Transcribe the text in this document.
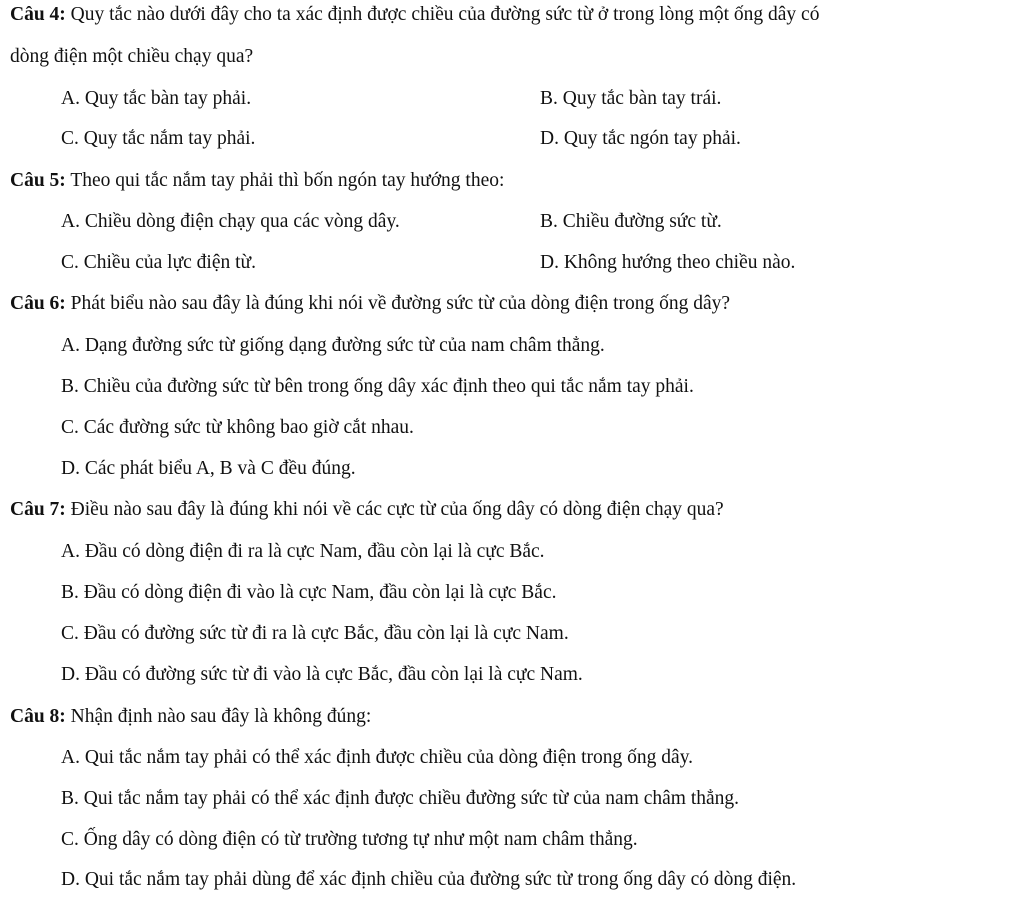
Câu 4: Quy tắc nào dưới đây cho ta xác định được chiều của đường sức từ ở trong lòng một ống dây có
dòng điện một chiều chạy qua?
A. Quy tắc bàn tay phải.	B. Quy tắc bàn tay trái.
C. Quy tắc nắm tay phải.	D. Quy tắc ngón tay phải.
Câu 5: Theo qui tắc nắm tay phải thì bốn ngón tay hướng theo:
A. Chiều dòng điện chạy qua các vòng dây.	B. Chiều đường sức từ.
C. Chiều của lực điện từ.	D. Không hướng theo chiều nào.
Câu 6: Phát biểu nào sau đây là đúng khi nói về đường sức từ của dòng điện trong ống dây?
A. Dạng đường sức từ giống dạng đường sức từ của nam châm thẳng.
B. Chiều của đường sức từ bên trong ống dây xác định theo qui tắc nắm tay phải.
C. Các đường sức từ không bao giờ cắt nhau.
D. Các phát biểu A, B và C đều đúng.
Câu 7: Điều nào sau đây là đúng khi nói về các cực từ của ống dây có dòng điện chạy qua?
A. Đầu có dòng điện đi ra là cực Nam, đầu còn lại là cực Bắc.
B. Đầu có dòng điện đi vào là cực Nam, đầu còn lại là cực Bắc.
C. Đầu có đường sức từ đi ra là cực Bắc, đầu còn lại là cực Nam.
D. Đầu có đường sức từ đi vào là cực Bắc, đầu còn lại là cực Nam.
Câu 8: Nhận định nào sau đây là không đúng:
A. Qui tắc nắm tay phải có thể xác định được chiều của dòng điện trong ống dây.
B. Qui tắc nắm tay phải có thể xác định được chiều đường sức từ của nam châm thẳng.
C. Ống dây có dòng điện có từ trường tương tự như một nam châm thẳng.
D. Qui tắc nắm tay phải dùng để xác định chiều của đường sức từ trong ống dây có dòng điện.
